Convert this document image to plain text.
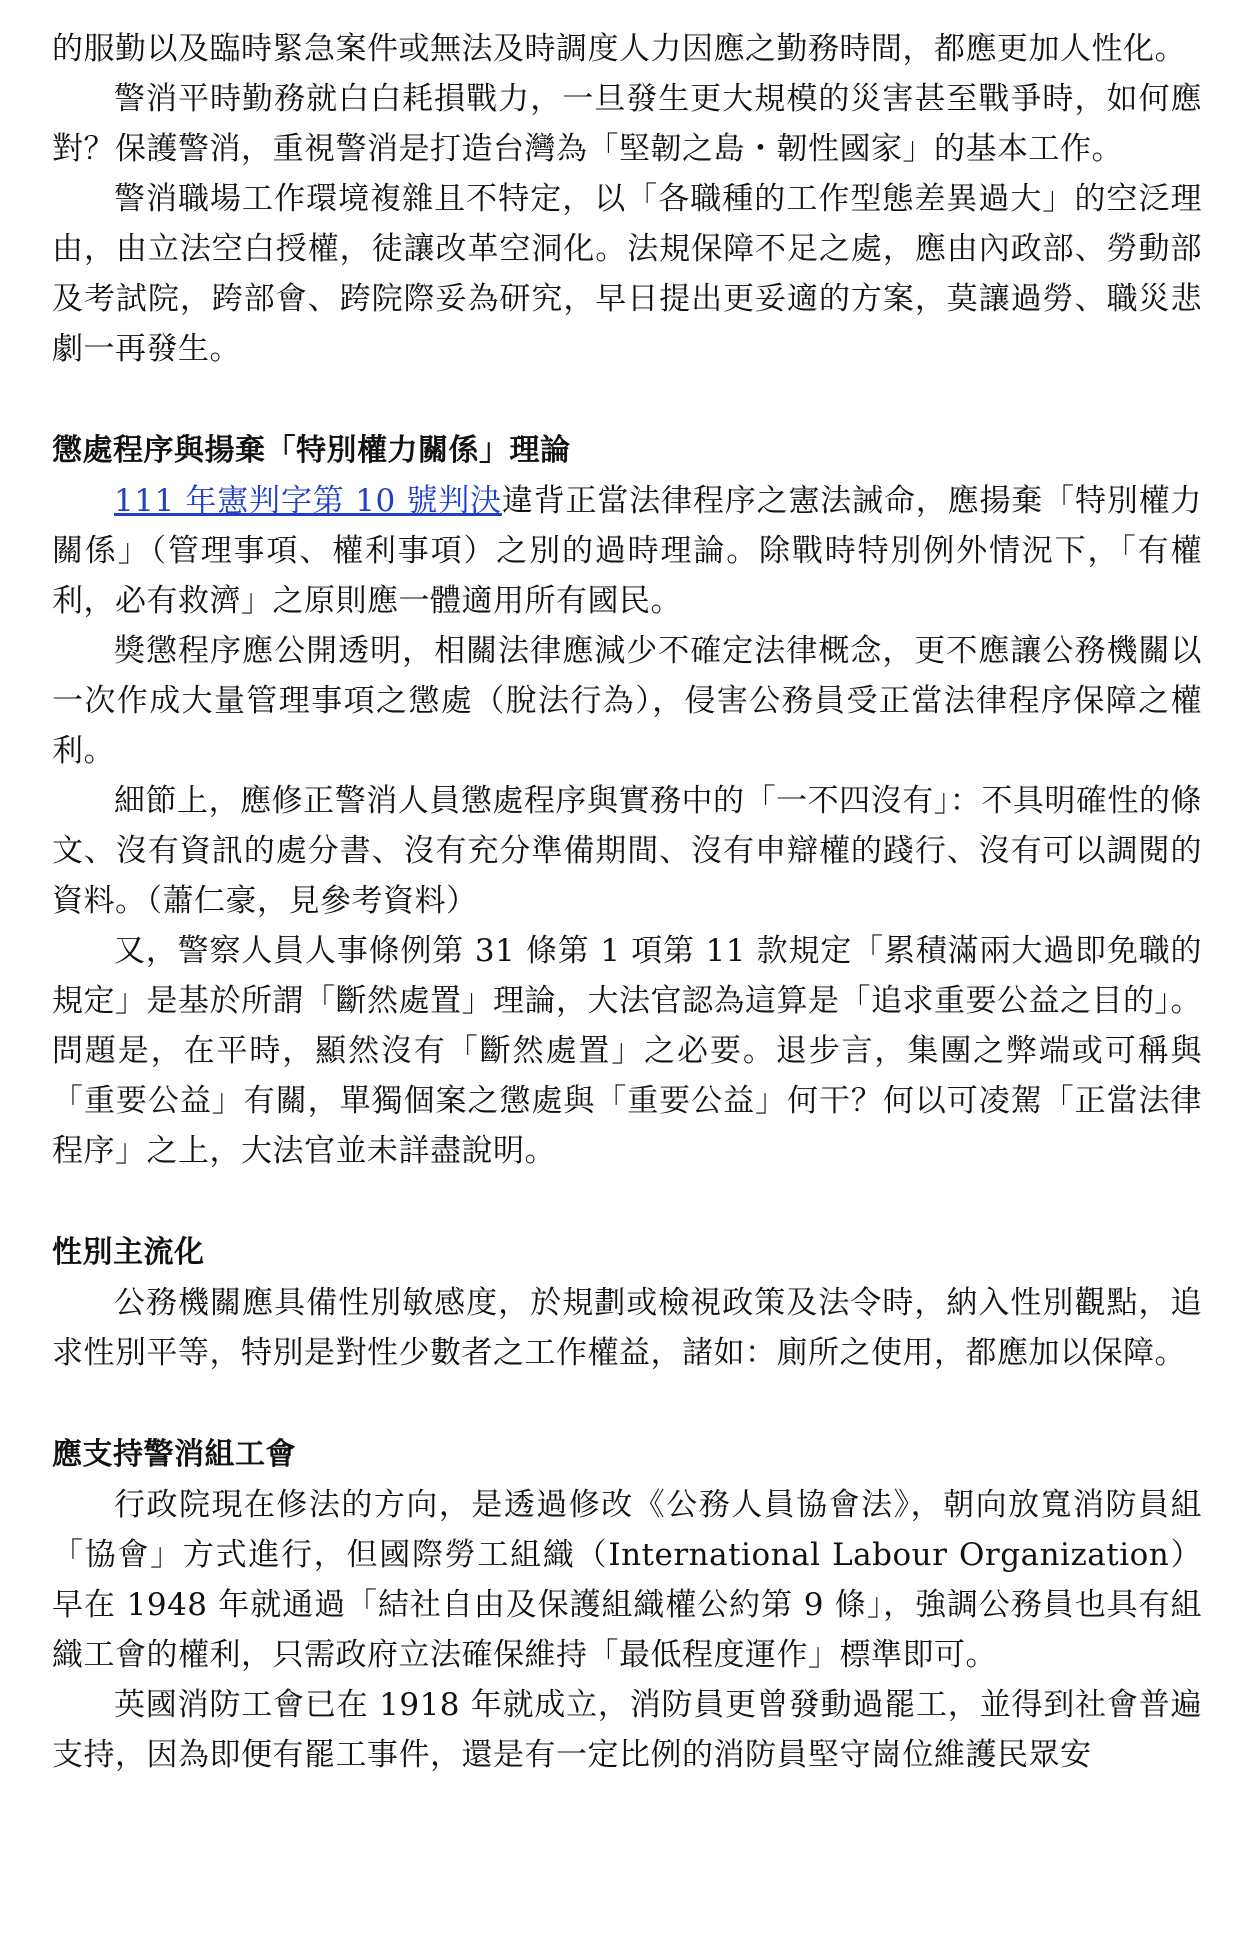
的服勤以及臨時緊急案件或無法及時調度人力因應之勤務時間，都應更加人性化。

警消平時勤務就白白耗損戰力，一旦發生更大規模的災害甚至戰爭時，如何應對？保護警消，重視警消是打造台灣為「堅韌之島・韌性國家」的基本工作。

警消職場工作環境複雜且不特定，以「各職種的工作型態差異過大」的空泛理由，由立法空白授權，徒讓改革空洞化。法規保障不足之處，應由內政部、勞動部及考試院，跨部會、跨院際妥為研究，早日提出更妥適的方案，莫讓過勞、職災悲劇一再發生。

懲處程序與揚棄「特別權力關係」理論

111 年憲判字第 10 號判決違背正當法律程序之憲法誡命，應揚棄「特別權力關係」（管理事項、權利事項）之別的過時理論。除戰時特別例外情況下，「有權利，必有救濟」之原則應一體適用所有國民。

獎懲程序應公開透明，相關法律應減少不確定法律概念，更不應讓公務機關以一次作成大量管理事項之懲處（脫法行為），侵害公務員受正當法律程序保障之權利。

細節上，應修正警消人員懲處程序與實務中的「一不四沒有」：不具明確性的條文、沒有資訊的處分書、沒有充分準備期間、沒有申辯權的踐行、沒有可以調閱的資料。（蕭仁豪，見參考資料）

又，警察人員人事條例第 31 條第 1 項第 11 款規定「累積滿兩大過即免職的規定」是基於所謂「斷然處置」理論，大法官認為這算是「追求重要公益之目的」。問題是，在平時，顯然沒有「斷然處置」之必要。退步言，集團之弊端或可稱與「重要公益」有關，單獨個案之懲處與「重要公益」何干？何以可凌駕「正當法律程序」之上，大法官並未詳盡說明。

性別主流化

公務機關應具備性別敏感度，於規劃或檢視政策及法令時，納入性別觀點，追求性別平等，特別是對性少數者之工作權益，諸如：廁所之使用，都應加以保障。

應支持警消組工會

行政院現在修法的方向，是透過修改《公務人員協會法》，朝向放寬消防員組「協會」方式進行，但國際勞工組織（International Labour Organization）早在 1948 年就通過「結社自由及保護組織權公約第 9 條」，強調公務員也具有組織工會的權利，只需政府立法確保維持「最低程度運作」標準即可。

英國消防工會已在 1918 年就成立，消防員更曾發動過罷工，並得到社會普遍支持，因為即便有罷工事件，還是有一定比例的消防員堅守崗位維護民眾安
